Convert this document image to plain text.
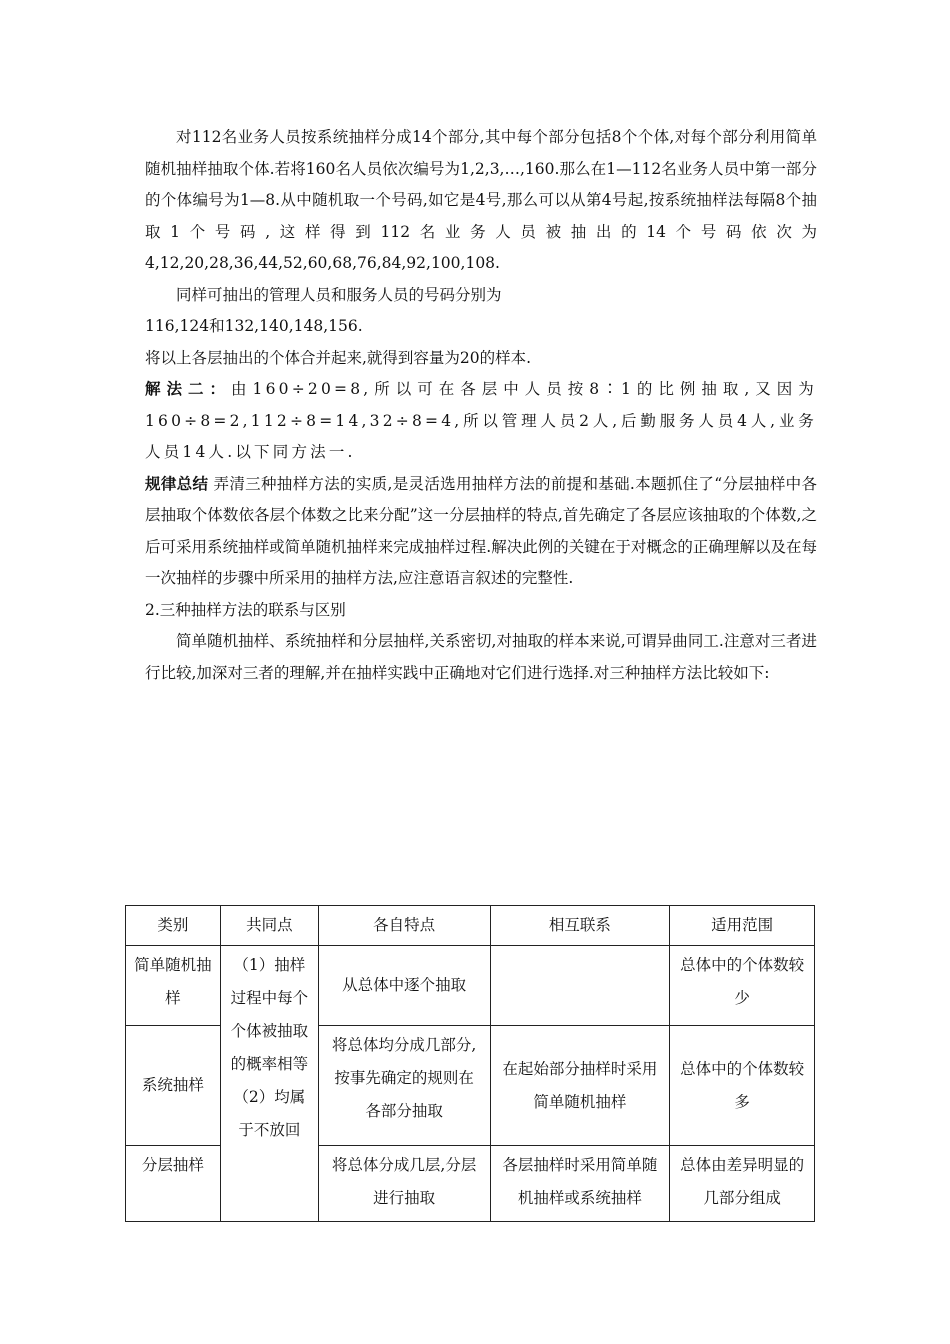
对112名业务人员按系统抽样分成14个部分,其中每个部分包括8个个体,对每个部分利用简单随机抽样抽取个体.若将160名人员依次编号为1,2,3,…,160.那么在1—112名业务人员中第一部分的个体编号为1—8.从中随机取一个号码,如它是4号,那么可以从第4号起,按系统抽样法每隔8个抽取1个号码,这样得到112名业务人员被抽出的14个号码依次为4,12,20,28,36,44,52,60,68,76,84,92,100,108.

同样可抽出的管理人员和服务人员的号码分别为

116,124和132,140,148,156.

将以上各层抽出的个体合并起来,就得到容量为20的样本.

解法二：由160÷20=8,所以可在各层中人员按8∶1的比例抽取,又因为160÷8=2,112÷8=14,32÷8=4,所以管理人员2人,后勤服务人员4人,业务人员14人.以下同方法一.

规律总结 弄清三种抽样方法的实质,是灵活选用抽样方法的前提和基础.本题抓住了“分层抽样中各层抽取个体数依各层个体数之比来分配”这一分层抽样的特点,首先确定了各层应该抽取的个体数,之后可采用系统抽样或简单随机抽样来完成抽样过程.解决此例的关键在于对概念的正确理解以及在每一次抽样的步骤中所采用的抽样方法,应注意语言叙述的完整性.

2.三种抽样方法的联系与区别

简单随机抽样、系统抽样和分层抽样,关系密切,对抽取的样本来说,可谓异曲同工.注意对三者进行比较,加深对三者的理解,并在抽样实践中正确地对它们进行选择.对三种抽样方法比较如下:

类别	共同点	各自特点	相互联系	适用范围
简单随机抽样	（1）抽样过程中每个个体被抽取的概率相等（2）均属于不放回	从总体中逐个抽取		总体中的个体数较少
系统抽样		将总体均分成几部分,按事先确定的规则在各部分抽取	在起始部分抽样时采用简单随机抽样	总体中的个体数较多
分层抽样		将总体分成几层,分层进行抽取	各层抽样时采用简单随机抽样或系统抽样	总体由差异明显的几部分组成
